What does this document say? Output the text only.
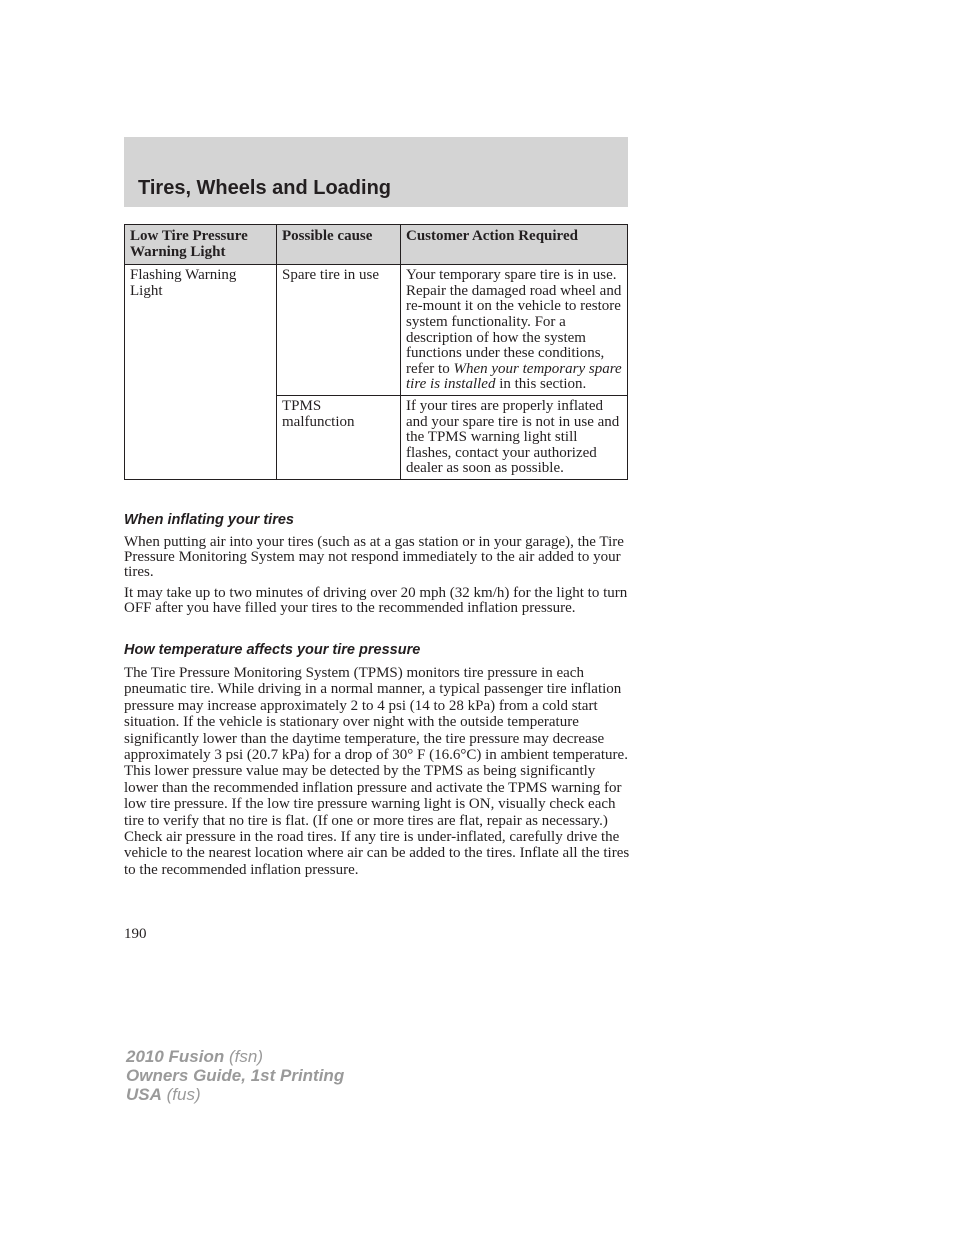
Tires, Wheels and Loading
Low Tire Pressure Warning Light	Possible cause	Customer Action Required
Flashing Warning Light	Spare tire in use	Your temporary spare tire is in use. Repair the damaged road wheel and re-mount it on the vehicle to restore system functionality. For a description of how the system functions under these conditions, refer to When your temporary spare tire is installed in this section.
	TPMS malfunction	If your tires are properly inflated and your spare tire is not in use and the TPMS warning light still flashes, contact your authorized dealer as soon as possible.
When inflating your tires

When putting air into your tires (such as at a gas station or in your garage), the Tire Pressure Monitoring System may not respond immediately to the air added to your tires.

It may take up to two minutes of driving over 20 mph (32 km/h) for the light to turn OFF after you have filled your tires to the recommended inflation pressure.

How temperature affects your tire pressure

The Tire Pressure Monitoring System (TPMS) monitors tire pressure in each pneumatic tire. While driving in a normal manner, a typical passenger tire inflation pressure may increase approximately 2 to 4 psi (14 to 28 kPa) from a cold start situation. If the vehicle is stationary over night with the outside temperature significantly lower than the daytime temperature, the tire pressure may decrease approximately 3 psi (20.7 kPa) for a drop of 30° F (16.6°C) in ambient temperature. This lower pressure value may be detected by the TPMS as being significantly lower than the recommended inflation pressure and activate the TPMS warning for low tire pressure. If the low tire pressure warning light is ON, visually check each tire to verify that no tire is flat. (If one or more tires are flat, repair as necessary.) Check air pressure in the road tires. If any tire is under-inflated, carefully drive the vehicle to the nearest location where air can be added to the tires. Inflate all the tires to the recommended inflation pressure.

190

2010 Fusion (fsn)
Owners Guide, 1st Printing
USA (fus)
